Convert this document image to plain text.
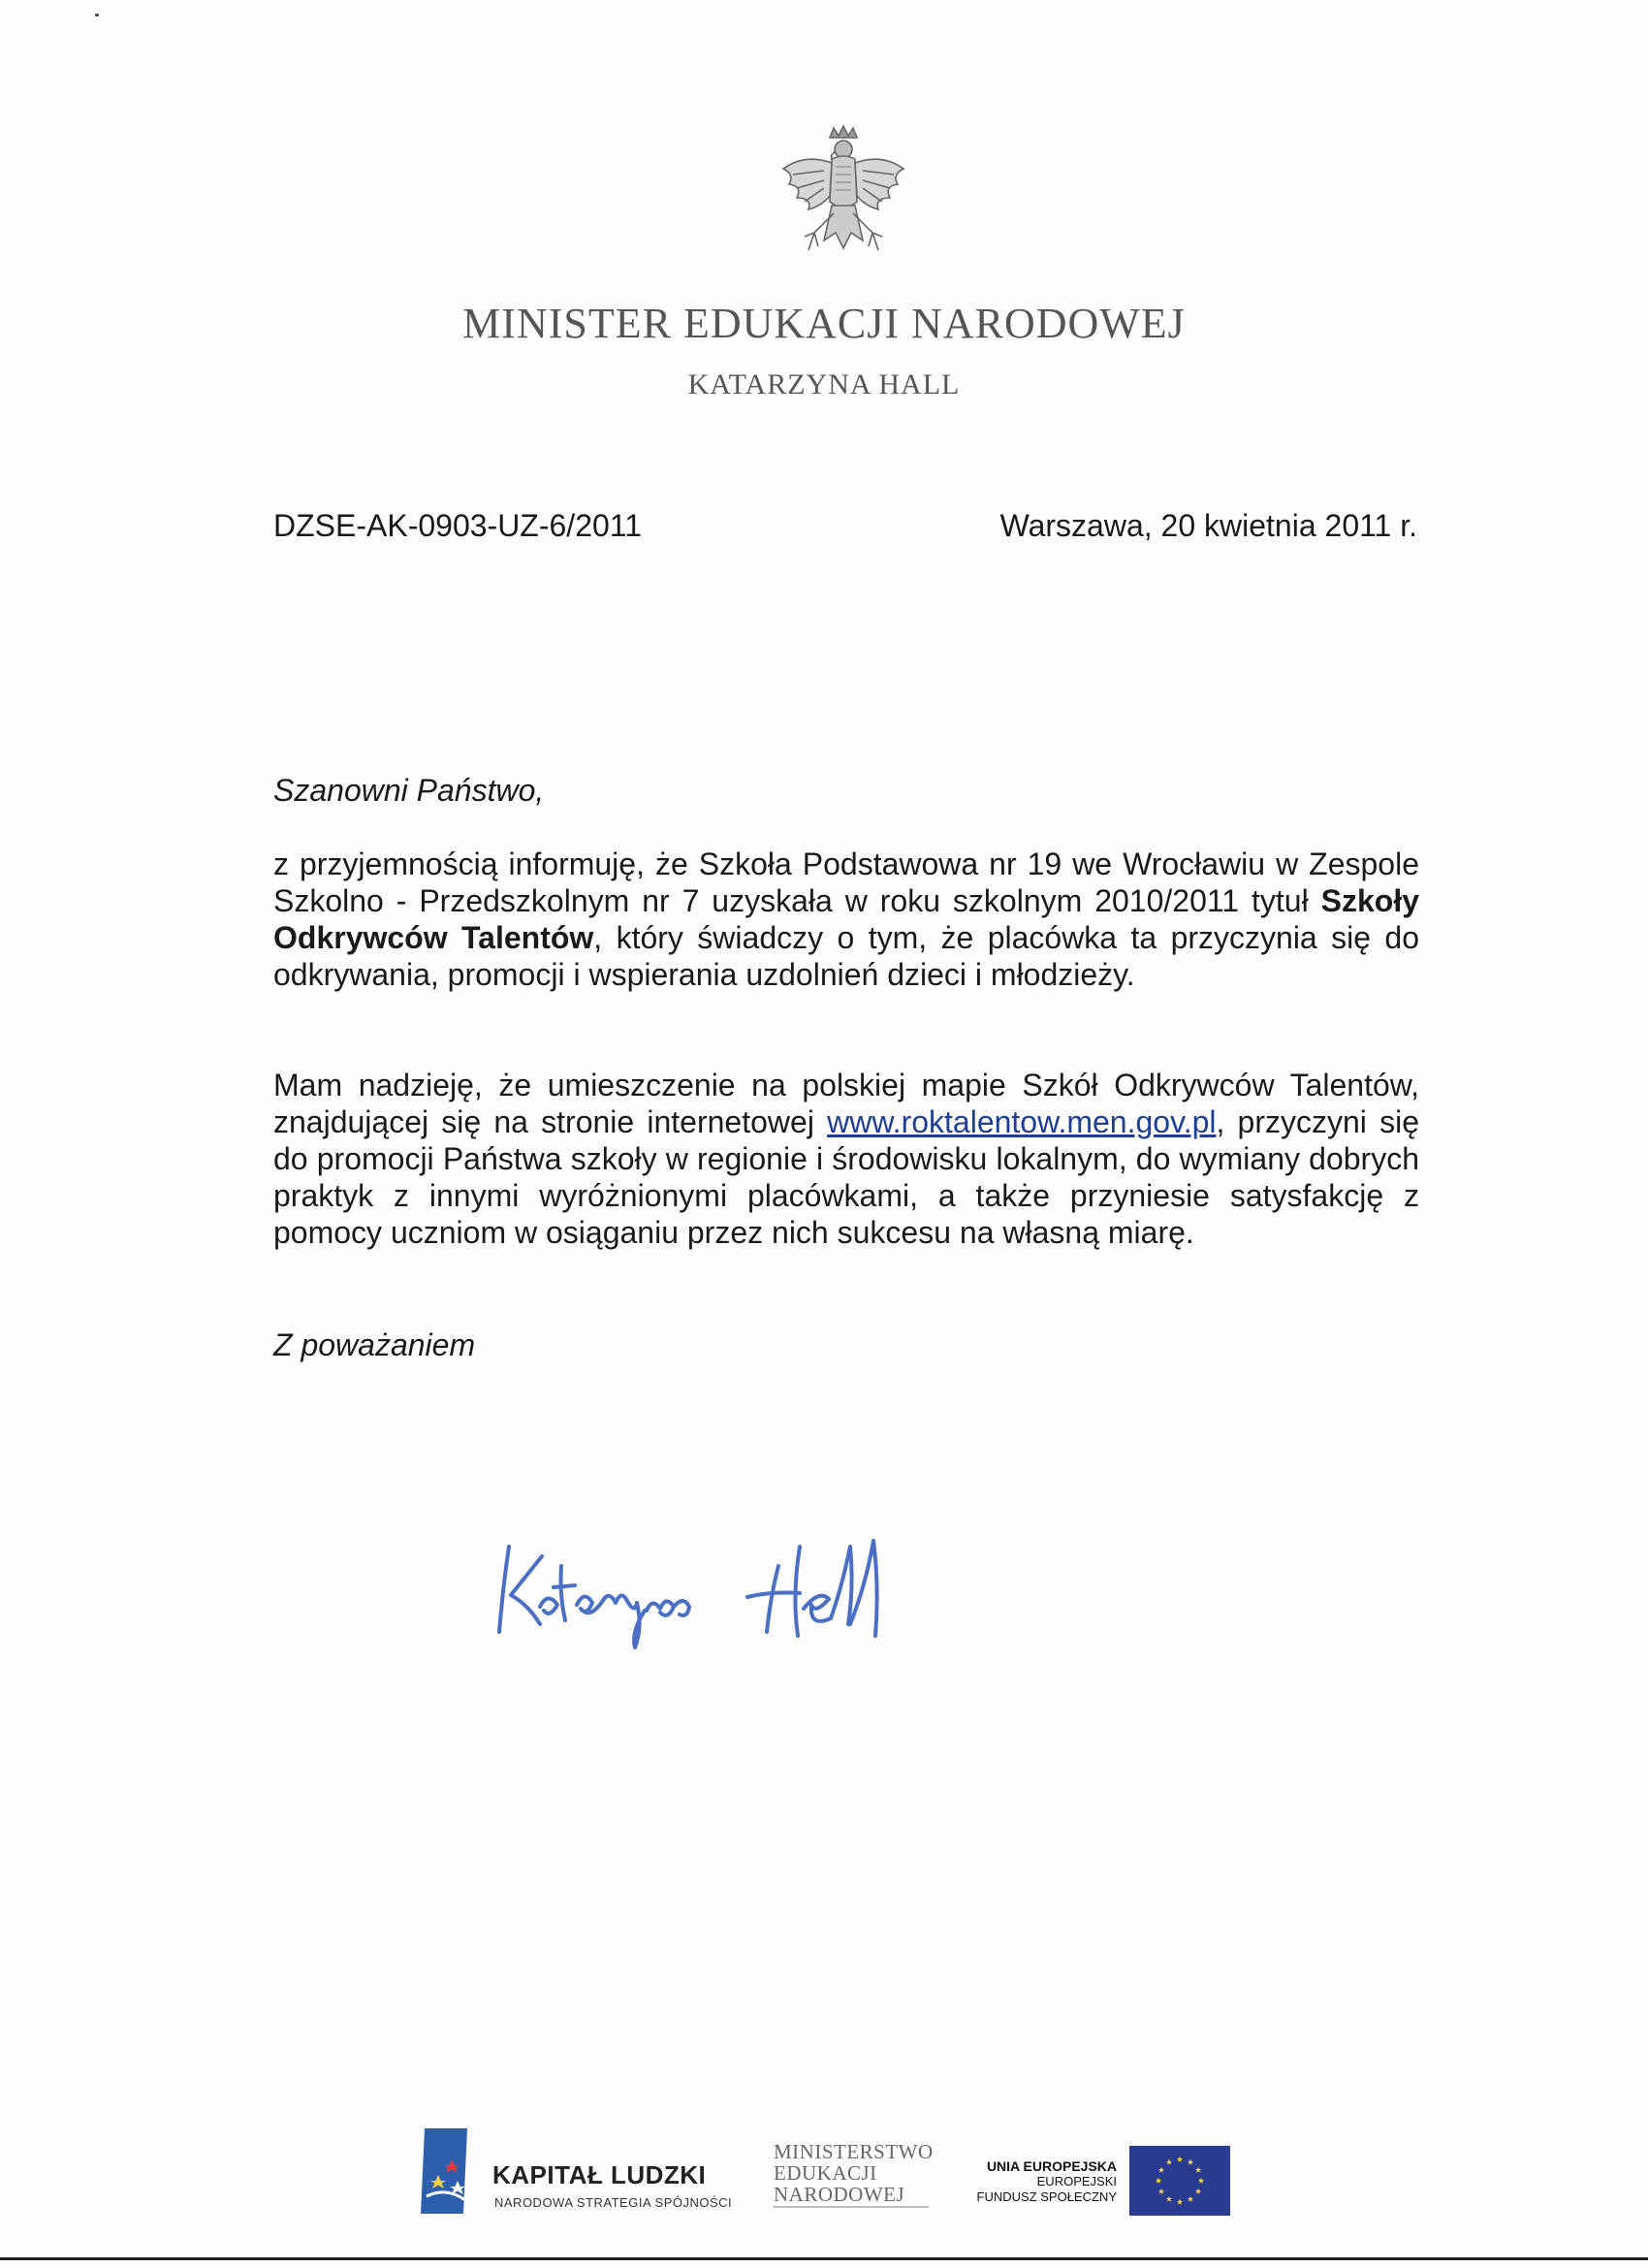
MINISTER EDUKACJI NARODOWEJ
KATARZYNA HALL
DZSE-AK-0903-UZ-6/2011	Warszawa, 20 kwietnia 2011 r.
Szanowni Państwo,
z przyjemnością informuję, że Szkoła Podstawowa nr 19 we Wrocławiu w Zespole Szkolno - Przedszkolnym nr 7 uzyskała w roku szkolnym 2010/2011 tytuł Szkoły Odkrywców Talentów, który świadczy o tym, że placówka ta przyczynia się do odkrywania, promocji i wspierania uzdolnień dzieci i młodzieży.
Mam nadzieję, że umieszczenie na polskiej mapie Szkół Odkrywców Talentów, znajdującej się na stronie internetowej www.roktalentow.men.gov.pl, przyczyni się do promocji Państwa szkoły w regionie i środowisku lokalnym, do wymiany dobrych praktyk z innymi wyróżnionymi placówkami, a także przyniesie satysfakcję z pomocy uczniom w osiąganiu przez nich sukcesu na własną miarę.
Z poważaniem
KAPITAŁ LUDZKI
NARODOWA STRATEGIA SPÓJNOŚCI
MINISTERSTWO
EDUKACJI
NARODOWEJ
UNIA EUROPEJSKA
EUROPEJSKI
FUNDUSZ SPOŁECZNY
